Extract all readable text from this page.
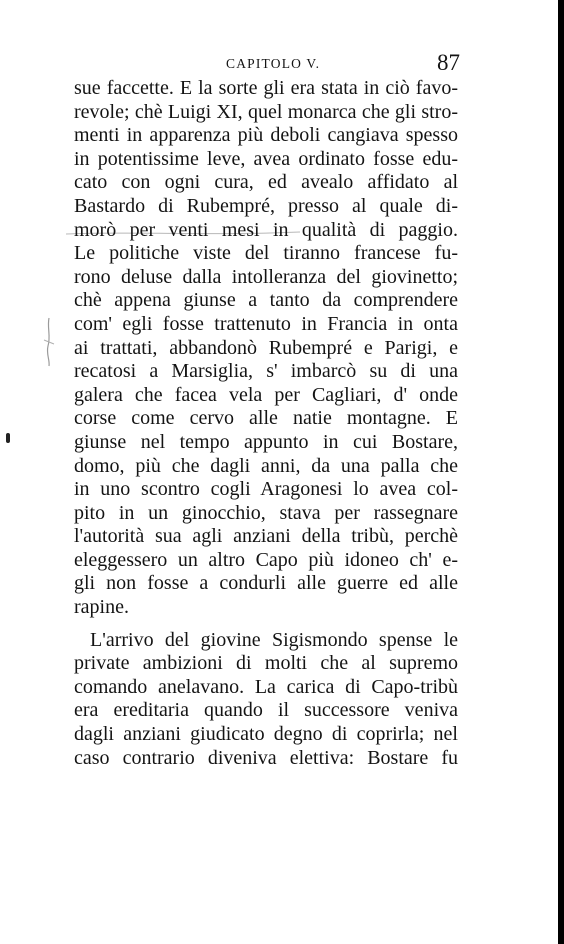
CAPITOLO V.	87
sue faccette. E la sorte gli era stata in ciò favo-
revole; chè Luigi XI, quel monarca che gli stro-
menti in apparenza più deboli cangiava spesso
in potentissime leve, avea ordinato fosse edu-
cato con ogni cura, ed avealo affidato al
Bastardo di Rubempré, presso al quale di-
morò per venti mesi in qualità di paggio.
Le politiche viste del tiranno francese fu-
rono deluse dalla intolleranza del giovinetto;
chè appena giunse a tanto da comprendere
com' egli fosse trattenuto in Francia in onta
ai trattati, abbandonò Rubempré e Parigi, e
recatosi a Marsiglia, s' imbarcò su di una
galera che facea vela per Cagliari, d' onde
corse come cervo alle natie montagne. E
giunse nel tempo appunto in cui Bostare,
domo, più che dagli anni, da una palla che
in uno scontro cogli Aragonesi lo avea col-
pito in un ginocchio, stava per rassegnare
l'autorità sua agli anziani della tribù, perchè
eleggessero un altro Capo più idoneo ch' e-
gli non fosse a condurli alle guerre ed alle
rapine.
L'arrivo del giovine Sigismondo spense le
private ambizioni di molti che al supremo
comando anelavano. La carica di Capo-tribù
era ereditaria quando il successore veniva
dagli anziani giudicato degno di coprirla; nel
caso contrario diveniva elettiva: Bostare fu
